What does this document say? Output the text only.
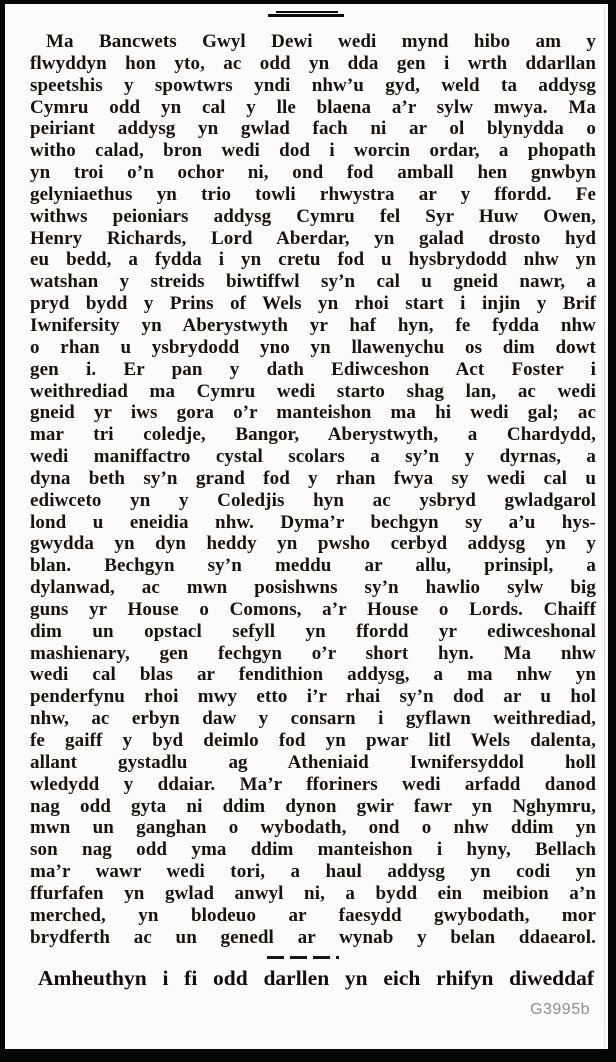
Ma Bancwets Gwyl Dewi wedi mynd hibo am y
flwyddyn hon yto, ac odd yn dda gen i wrth ddarllan
speetshis y spowtwrs yndi nhw’u gyd, weld ta addysg
Cymru odd yn cal y lle blaena a’r sylw mwya. Ma
peiriant addysg yn gwlad fach ni ar ol blynydda o
witho calad, bron wedi dod i worcin ordar, a phopath
yn troi o’n ochor ni, ond fod amball hen gnwbyn
gelyniaethus yn trio towli rhwystra ar y ffordd. Fe
withws peioniars addysg Cymru fel Syr Huw Owen,
Henry Richards, Lord Aberdar, yn galad drosto hyd
eu bedd, a fydda i yn cretu fod u hysbrydodd nhw yn
watshan y streids biwtiffwl sy’n cal u gneid nawr, a
pryd bydd y Prins of Wels yn rhoi start i injin y Brif
Iwnifersity yn Aberystwyth yr haf hyn, fe fydda nhw
o rhan u ysbrydodd yno yn llawenychu os dim dowt
gen i. Er pan y dath Ediwceshon Act Foster i
weithrediad ma Cymru wedi starto shag lan, ac wedi
gneid yr iws gora o’r manteishon ma hi wedi gal; ac
mar tri coledje, Bangor, Aberystwyth, a Chardydd,
wedi maniffactro cystal scolars a sy’n y dyrnas, a
dyna beth sy’n grand fod y rhan fwya sy wedi cal u
ediwceto yn y Coledjis hyn ac ysbryd gwladgarol
lond u eneidia nhw. Dyma’r bechgyn sy a’u hys-
gwydda yn dyn heddy yn pwsho cerbyd addysg yn y
blan. Bechgyn sy’n meddu ar allu, prinsipl, a
dylanwad, ac mwn posishwns sy’n hawlio sylw big
guns yr House o Comons, a’r House o Lords. Chaiff
dim un opstacl sefyll yn ffordd yr ediwceshonal
mashienary, gen fechgyn o’r short hyn. Ma nhw
wedi cal blas ar fendithion addysg, a ma nhw yn
penderfynu rhoi mwy etto i’r rhai sy’n dod ar u hol
nhw, ac erbyn daw y consarn i gyflawn weithrediad,
fe gaiff y byd deimlo fod yn pwar litl Wels dalenta,
allant gystadlu ag Atheniaid Iwnifersyddol holl
wledydd y ddaiar. Ma’r fforiners wedi arfadd danod
nag odd gyta ni ddim dynon gwir fawr yn Nghymru,
mwn un ganghan o wybodath, ond o nhw ddim yn
son nag odd yma ddim manteishon i hyny, Bellach
ma’r wawr wedi tori, a haul addysg yn codi yn
ffurfafen yn gwlad anwyl ni, a bydd ein meibion a’n
merched, yn blodeuo ar faesydd gwybodath, mor
brydferth ac un genedl ar wynab y belan ddaearol.
Amheuthyn i fi odd darllen yn eich rhifyn diweddaf
G3995b
